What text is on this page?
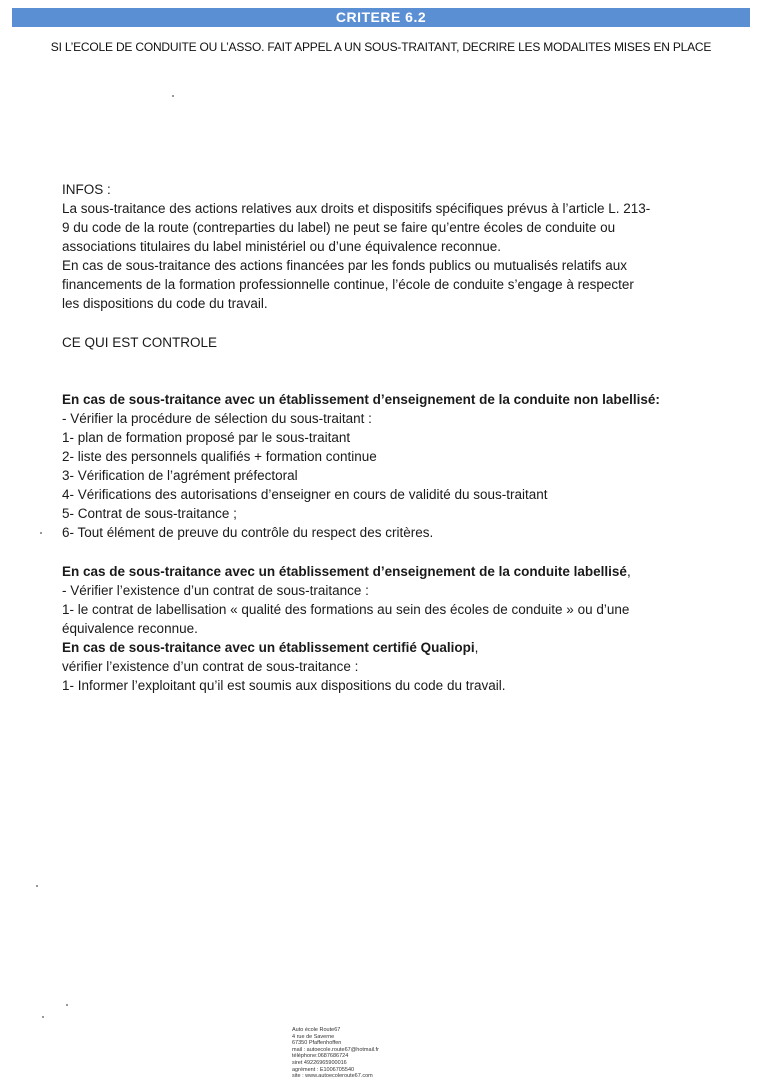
CRITERE 6.2
SI L’ECOLE DE CONDUITE OU L’ASSO. FAIT APPEL A UN SOUS-TRAITANT, DECRIRE LES MODALITES MISES EN PLACE

INFOS :

La sous-traitance des actions relatives aux droits et dispositifs spécifiques prévus à l’article L. 213-

9 du code de la route (contreparties du label) ne peut se faire qu’entre écoles de conduite ou

associations titulaires du label ministériel ou d’une équivalence reconnue.

En cas de sous-traitance des actions financées par les fonds publics ou mutualisés relatifs aux

financements de la formation professionnelle continue, l’école de conduite s’engage à respecter

les dispositions du code du travail.

CE QUI EST CONTROLE

En cas de sous-traitance avec un établissement d’enseignement de la conduite non labellisé:

- Vérifier la procédure de sélection du sous-traitant :

1- plan de formation proposé par le sous-traitant

2- liste des personnels qualifiés + formation continue

3- Vérification de l’agrément préfectoral

4- Vérifications des autorisations d’enseigner en cours de validité du sous-traitant

5- Contrat de sous-traitance ;

6- Tout élément de preuve du contrôle du respect des critères.

En cas de sous-traitance avec un établissement d’enseignement de la conduite labellisé,

- Vérifier l’existence d’un contrat de sous-traitance :

1- le contrat de labellisation « qualité des formations au sein des écoles de conduite » ou d’une

équivalence reconnue.

En cas de sous-traitance avec un établissement certifié Qualiopi,

vérifier l’existence d’un contrat de sous-traitance :

1- Informer l’exploitant qu’il est soumis aux dispositions du code du travail.

Auto école Route67
4 rue de Saverne
67350 Pfaffenhoffen
mail : autoecole.route67@hotmail.fr
téléphone:0687686724
siret 49226965900016
agrément : E1006705540
site : www.autoecoleroute67.com
